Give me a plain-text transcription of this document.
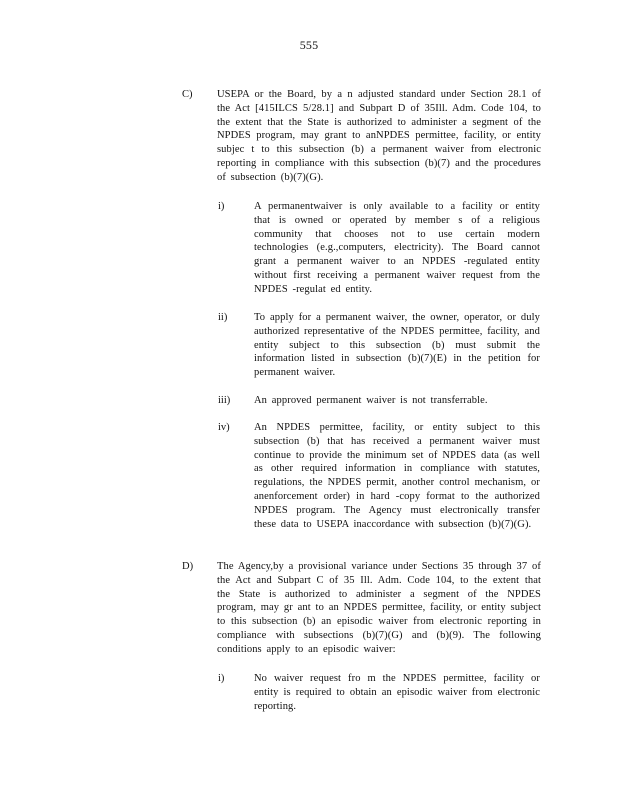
555
C) USEPA or the Board, by a n adjusted standard under Section 28.1 of the Act [415ILCS 5/28.1] and Subpart D of 35Ill. Adm. Code 104, to the extent that the State is authorized to administer a segment of the NPDES program, may grant to anNPDES permittee, facility, or entity subjec t to this subsection (b) a permanent waiver from electronic reporting in compliance with this subsection (b)(7) and the procedures of subsection (b)(7)(G).
i)	A permanentwaiver is only available to a facility or entity that is owned or operated by member s of a religious community that chooses not to use certain modern technologies (e.g.,computers, electricity). The Board cannot grant a permanent waiver to an NPDES -regulated entity without first receiving a permanent waiver request from the NPDES -regulat ed entity.
ii)	To apply for a permanent waiver, the owner, operator, or duly authorized representative of the NPDES permittee, facility, and entity subject to this subsection (b) must submit the information listed in subsection (b)(7)(E) in the petition for permanent waiver.
iii) An approved permanent waiver is not transferrable.
iv) An NPDES permittee, facility, or entity subject to this subsection (b) that has received a permanent waiver must continue to provide the minimum set of NPDES data (as well as other required information in compliance with statutes, regulations, the NPDES permit, another control mechanism, or anenforcement order) in hard -copy format to the authorized NPDES program. The Agency must electronically transfer these data to USEPA inaccordance with subsection (b)(7)(G).
D) The Agency,by a provisional variance under Sections 35 through 37 of the Act and Subpart C of 35 Ill. Adm. Code 104, to the extent that the State is authorized to administer a segment of the NPDES program, may gr ant to an NPDES permittee, facility, or entity subject to this subsection (b) an episodic waiver from electronic reporting in compliance with subsections (b)(7)(G) and (b)(9). The following conditions apply to an episodic waiver:
i)	No waiver request fro m the NPDES permittee, facility or entity is required to obtain an episodic waiver from electronic reporting.
